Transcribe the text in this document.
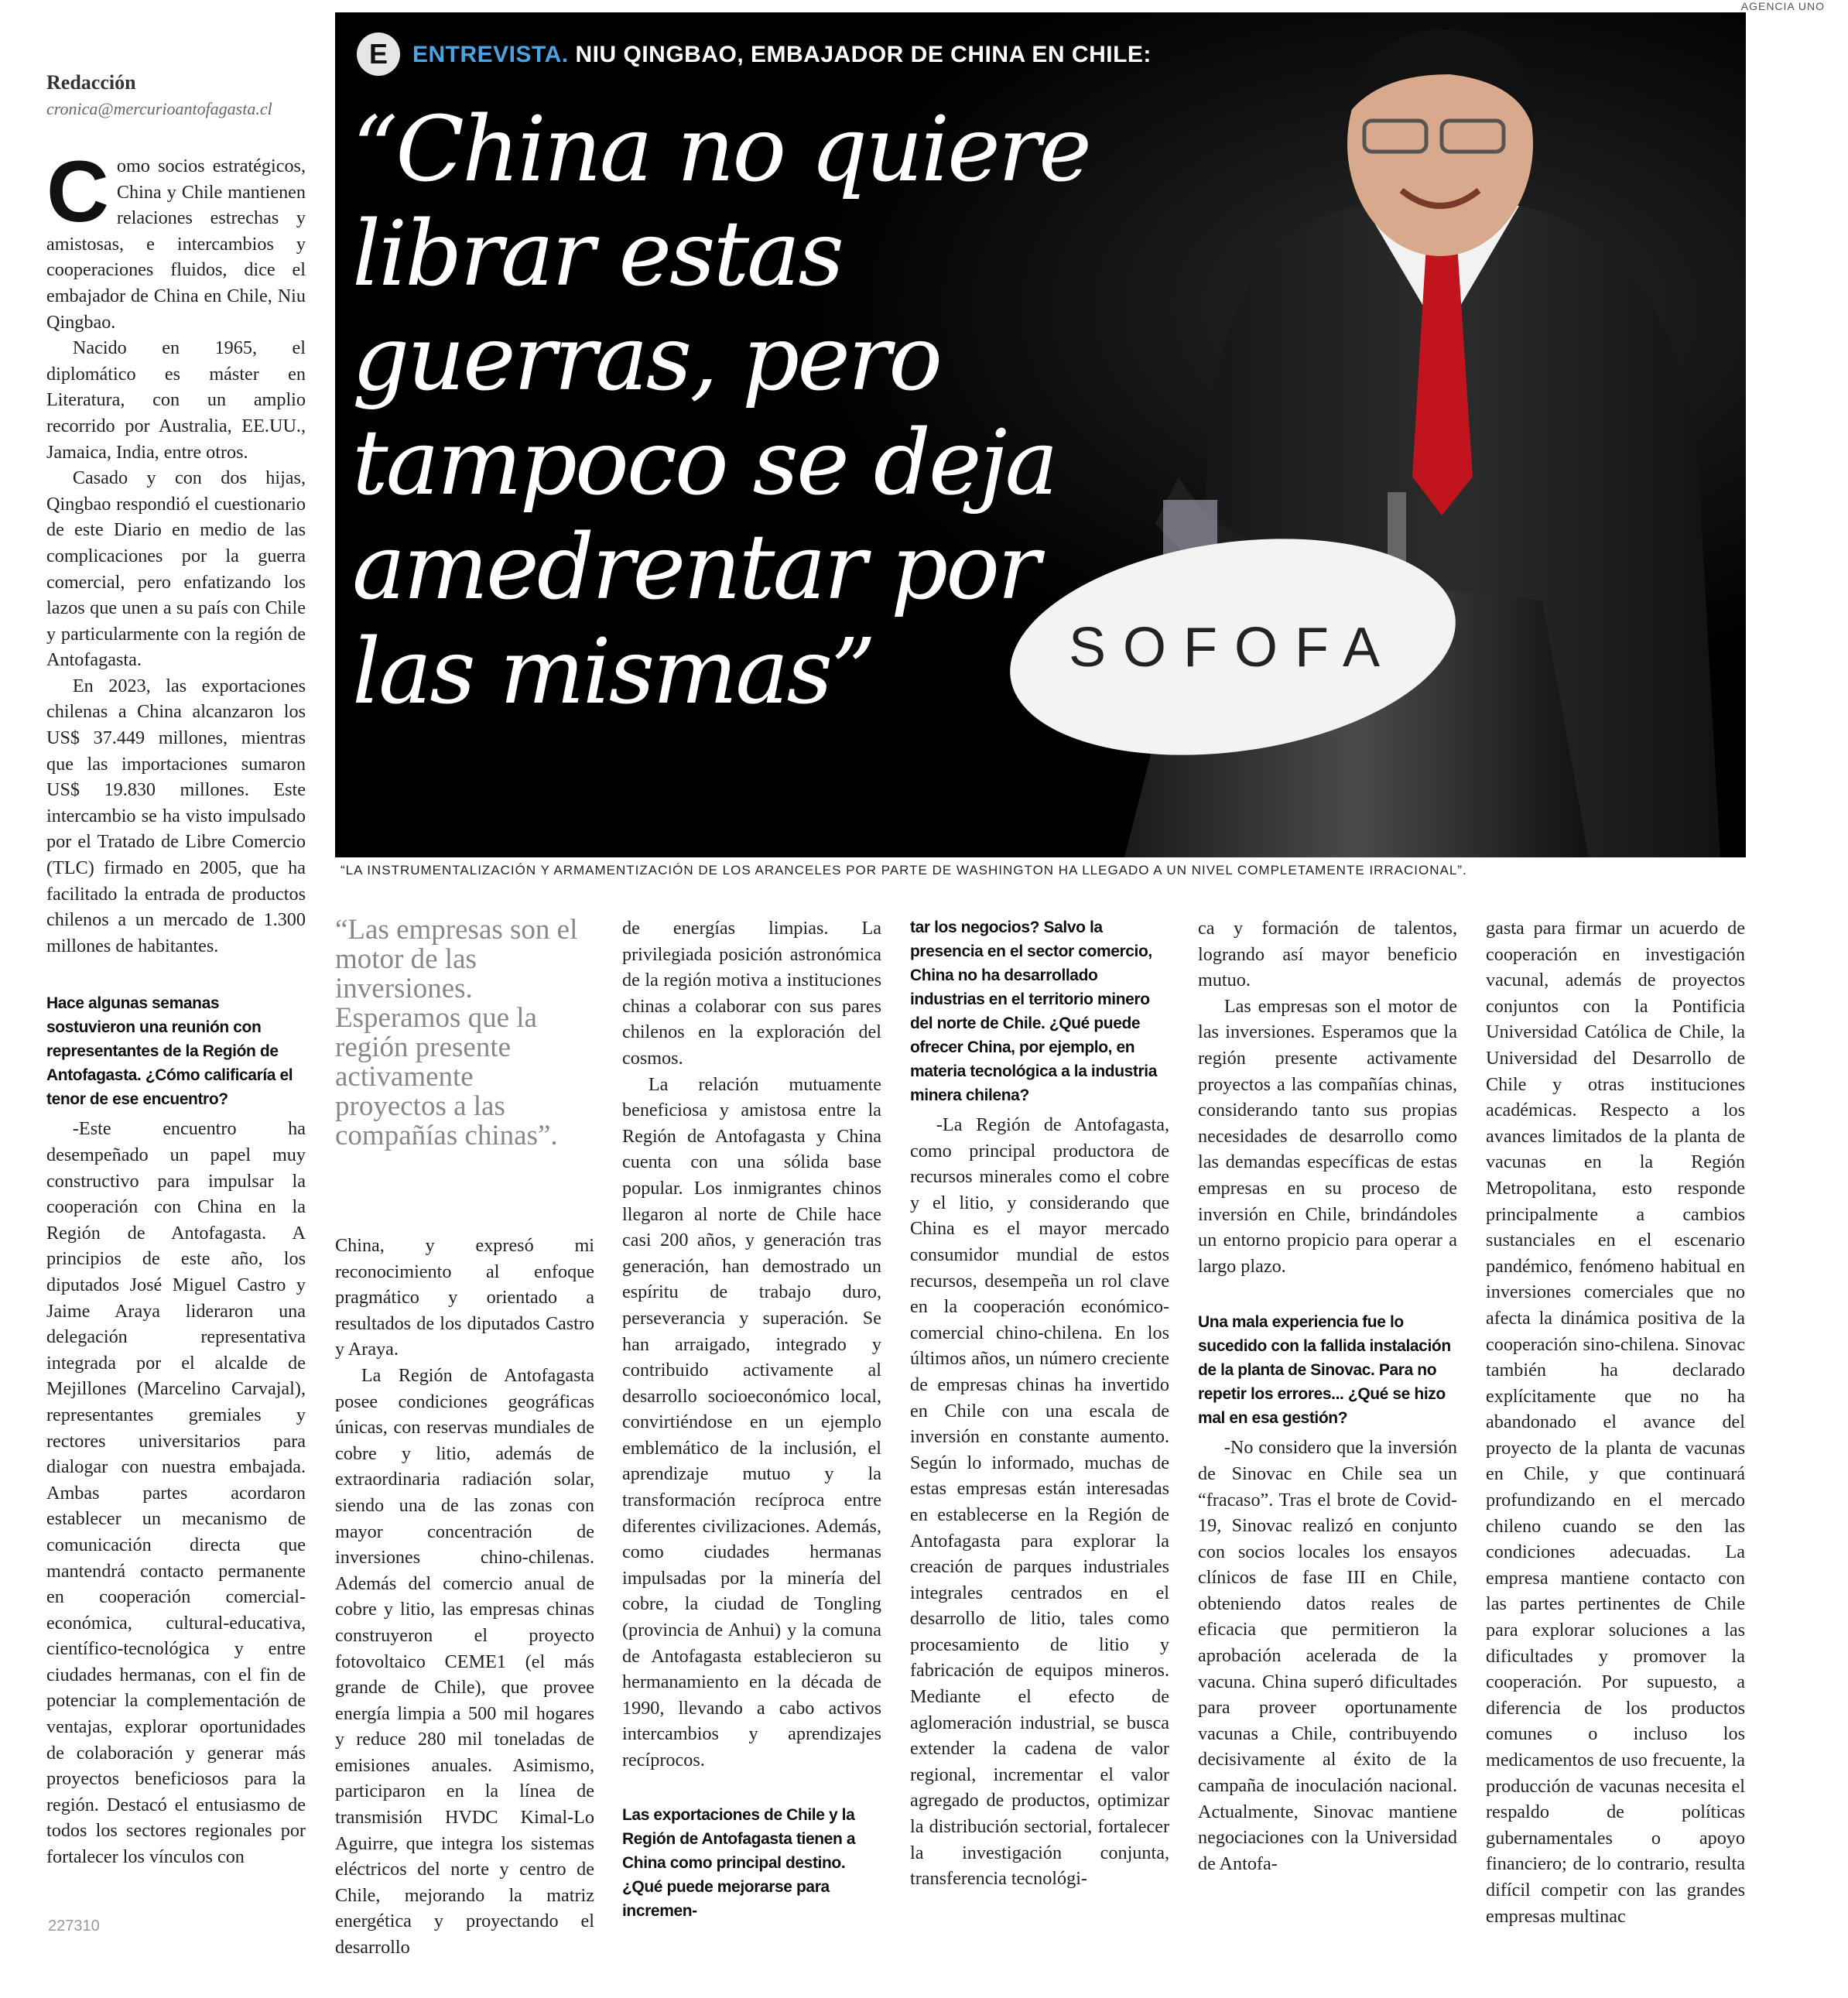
AGENCIA UNO
Redacción
cronica@mercurioantofagasta.cl
SOFOFA
E	ENTREVISTA. NIU QINGBAO, EMBAJADOR DE CHINA EN CHILE:
“China no quiere librar estas guerras, pero tampoco se deja amedrentar por las mismas”
“LA INSTRUMENTALIZACIÓN Y ARMAMENTIZACIÓN DE LOS ARANCELES POR PARTE DE WASHINGTON HA LLEGADO A UN NIVEL COMPLETAMENTE IRRACIONAL”.

Como socios estratégicos, China y Chile mantienen relaciones estrechas y amistosas, e intercambios y cooperaciones fluidos, dice el embajador de China en Chile, Niu Qingbao.

Nacido en 1965, el diplomático es máster en Literatura, con un amplio recorrido por Australia, EE.UU., Jamaica, India, entre otros.

Casado y con dos hijas, Qingbao respondió el cuestionario de este Diario en medio de las complicaciones por la guerra comercial, pero enfatizando los lazos que unen a su país con Chile y particularmente con la región de Antofagasta.

En 2023, las exportaciones chilenas a China alcanzaron los US$ 37.449 millones, mientras que las importaciones sumaron US$ 19.830 millones. Este intercambio se ha visto impulsado por el Tratado de Libre Comercio (TLC) firmado en 2005, que ha facilitado la entrada de productos chilenos a un mercado de 1.300 millones de habitantes.

Hace algunas semanas sostuvieron una reunión con representantes de la Región de Antofagasta. ¿Cómo calificaría el tenor de ese encuentro?

-Este encuentro ha desempeñado un papel muy constructivo para impulsar la cooperación con China en la Región de Antofagasta. A principios de este año, los diputados José Miguel Castro y Jaime Araya lideraron una delegación representativa integrada por el alcalde de Mejillones (Marcelino Carvajal), representantes gremiales y rectores universitarios para dialogar con nuestra embajada. Ambas partes acordaron establecer un mecanismo de comunicación directa que mantendrá contacto permanente en cooperación comercial-económica, cultural-educativa, científico-tecnológica y entre ciudades hermanas, con el fin de potenciar la complementación de ventajas, explorar oportunidades de colaboración y generar más proyectos beneficiosos para la región. Destacó el entusiasmo de todos los sectores regionales por fortalecer los vínculos con

“Las empresas son el motor de las inversiones. Esperamos que la región presente activamente proyectos a las compañías chinas”.

China, y expresó mi reconocimiento al enfoque pragmático y orientado a resultados de los diputados Castro y Araya.

La Región de Antofagasta posee condiciones geográficas únicas, con reservas mundiales de cobre y litio, además de extraordinaria radiación solar, siendo una de las zonas con mayor concentración de inversiones chino-chilenas. Además del comercio anual de cobre y litio, las empresas chinas construyeron el proyecto fotovoltaico CEME1 (el más grande de Chile), que provee energía limpia a 500 mil hogares y reduce 280 mil toneladas de emisiones anuales. Asimismo, participaron en la línea de transmisión HVDC Kimal-Lo Aguirre, que integra los sistemas eléctricos del norte y centro de Chile, mejorando la matriz energética y proyectando el desarrollo

de energías limpias. La privilegiada posición astronómica de la región motiva a instituciones chinas a colaborar con sus pares chilenos en la exploración del cosmos.

La relación mutuamente beneficiosa y amistosa entre la Región de Antofagasta y China cuenta con una sólida base popular. Los inmigrantes chinos llegaron al norte de Chile hace casi 200 años, y generación tras generación, han demostrado un espíritu de trabajo duro, perseverancia y superación. Se han arraigado, integrado y contribuido activamente al desarrollo socioeconómico local, convirtiéndose en un ejemplo emblemático de la inclusión, el aprendizaje mutuo y la transformación recíproca entre diferentes civilizaciones. Además, como ciudades hermanas impulsadas por la minería del cobre, la ciudad de Tongling (provincia de Anhui) y la comuna de Antofagasta establecieron su hermanamiento en la década de 1990, llevando a cabo activos intercambios y aprendizajes recíprocos.

Las exportaciones de Chile y la Región de Antofagasta tienen a China como principal destino. ¿Qué puede mejorarse para incremen-

tar los negocios? Salvo la presencia en el sector comercio, China no ha desarrollado industrias en el territorio minero del norte de Chile. ¿Qué puede ofrecer China, por ejemplo, en materia tecnológica a la industria minera chilena?

-La Región de Antofagasta, como principal productora de recursos minerales como el cobre y el litio, y considerando que China es el mayor mercado consumidor mundial de estos recursos, desempeña un rol clave en la cooperación económico-comercial chino-chilena. En los últimos años, un número creciente de empresas chinas ha invertido en Chile con una escala de inversión en constante aumento. Según lo informado, muchas de estas empresas están interesadas en establecerse en la Región de Antofagasta para explorar la creación de parques industriales integrales centrados en el desarrollo de litio, tales como procesamiento de litio y fabricación de equipos mineros. Mediante el efecto de aglomeración industrial, se busca extender la cadena de valor regional, incrementar el valor agregado de productos, optimizar la distribución sectorial, fortalecer la investigación conjunta, transferencia tecnológi-

ca y formación de talentos, logrando así mayor beneficio mutuo.

Las empresas son el motor de las inversiones. Esperamos que la región presente activamente proyectos a las compañías chinas, considerando tanto sus propias necesidades de desarrollo como las demandas específicas de estas empresas en su proceso de inversión en Chile, brindándoles un entorno propicio para operar a largo plazo.

Una mala experiencia fue lo sucedido con la fallida instalación de la planta de Sinovac. Para no repetir los errores... ¿Qué se hizo mal en esa gestión?

-No considero que la inversión de Sinovac en Chile sea un “fracaso”. Tras el brote de Covid-19, Sinovac realizó en conjunto con socios locales los ensayos clínicos de fase III en Chile, obteniendo datos reales de eficacia que permitieron la aprobación acelerada de la vacuna. China superó dificultades para proveer oportunamente vacunas a Chile, contribuyendo decisivamente al éxito de la campaña de inoculación nacional. Actualmente, Sinovac mantiene negociaciones con la Universidad de Antofa-

gasta para firmar un acuerdo de cooperación en investigación vacunal, además de proyectos conjuntos con la Pontificia Universidad Católica de Chile, la Universidad del Desarrollo de Chile y otras instituciones académicas. Respecto a los avances limitados de la planta de vacunas en la Región Metropolitana, esto responde principalmente a cambios sustanciales en el escenario pandémico, fenómeno habitual en inversiones comerciales que no afecta la dinámica positiva de la cooperación sino-chilena. Sinovac también ha declarado explícitamente que no ha abandonado el avance del proyecto de la planta de vacunas en Chile, y que continuará profundizando en el mercado chileno cuando se den las condiciones adecuadas. La empresa mantiene contacto con las partes pertinentes de Chile para explorar soluciones a las dificultades y promover la cooperación. Por supuesto, a diferencia de los productos comunes o incluso los medicamentos de uso frecuente, la producción de vacunas necesita el respaldo de políticas gubernamentales o apoyo financiero; de lo contrario, resulta difícil competir con las grandes empresas multinac

227310
